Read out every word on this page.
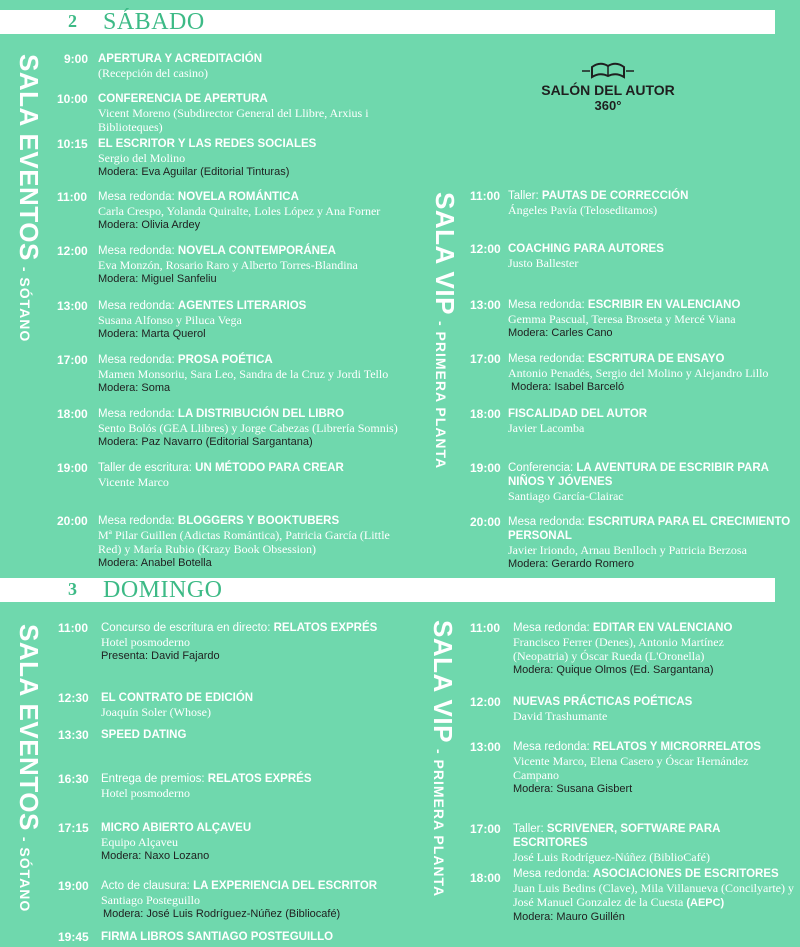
2 SÁBADO
SALA EVENTOS- SÓTANO	SALA VIP- PRIMERA PLANTA
SALÓN DEL AUTOR
360°
9:00 APERTURA Y ACREDITACIÓN
(Recepción del casino)
10:00 CONFERENCIA DE APERTURA
Vicent Moreno (Subdirector General del Llibre, Arxius i Biblioteques)
10:15 EL ESCRITOR Y LAS REDES SOCIALES
Sergio del Molino
Modera: Eva Aguilar (Editorial Tinturas)
11:00 Mesa redonda: NOVELA ROMÁNTICA
Carla Crespo, Yolanda Quiralte, Loles López y Ana Forner
Modera: Olivia Ardey
12:00 Mesa redonda: NOVELA CONTEMPORÁNEA
Eva Monzón, Rosario Raro y Alberto Torres-Blandina
Modera: Miguel Sanfeliu
13:00 Mesa redonda: AGENTES LITERARIOS
Susana Alfonso y Piluca Vega
Modera: Marta Querol
17:00 Mesa redonda: PROSA POÉTICA
Mamen Monsoriu, Sara Leo, Sandra de la Cruz y Jordi Tello
Modera: Soma
18:00 Mesa redonda: LA DISTRIBUCIÓN DEL LIBRO
Sento Bolós (GEA Llibres) y Jorge Cabezas (Librería Somnis)
Modera: Paz Navarro (Editorial Sargantana)
19:00 Taller de escritura: UN MÉTODO PARA CREAR
Vicente Marco
20:00 Mesa redonda: BLOGGERS Y BOOKTUBERS
Mª Pilar Guillen (Adictas Romántica), Patricia García (Little Red) y María Rubio (Krazy Book Obsession)
Modera: Anabel Botella
11:00 Taller: PAUTAS DE CORRECCIÓN
Ángeles Pavía (Teloseditamos)
12:00 COACHING PARA AUTORES
Justo Ballester
13:00 Mesa redonda: ESCRIBIR EN VALENCIANO
Gemma Pascual, Teresa Broseta y Mercé Viana
Modera: Carles Cano
17:00 Mesa redonda: ESCRITURA DE ENSAYO
Antonio Penadés, Sergio del Molino y Alejandro Lillo
Modera: Isabel Barceló
18:00 FISCALIDAD DEL AUTOR
Javier Lacomba
19:00 Conferencia: LA AVENTURA DE ESCRIBIR PARA NIÑOS Y JÓVENES
Santiago García-Clairac
20:00 Mesa redonda: ESCRITURA PARA EL CRECIMIENTO PERSONAL
Javier Iriondo, Arnau Benlloch y Patricia Berzosa
Modera: Gerardo Romero
3 DOMINGO
SALA EVENTOS- SÓTANO
SALA VIP- PRIMERA PLANTA
11:00 Concurso de escritura en directo: RELATOS EXPRÉS
Hotel posmoderno
Presenta: David Fajardo
12:30 EL CONTRATO DE EDICIÓN
Joaquín Soler (Whose)
13:30 SPEED DATING
16:30 Entrega de premios: RELATOS EXPRÉS
Hotel posmoderno
17:15 MICRO ABIERTO ALÇAVEU
Equipo Alçaveu
Modera: Naxo Lozano
19:00 Acto de clausura: LA EXPERIENCIA DEL ESCRITOR
Santiago Posteguillo
Modera: José Luis Rodríguez-Núñez (Bibliocafé)
19:45 FIRMA LIBROS SANTIAGO POSTEGUILLO
11:00 Mesa redonda: EDITAR EN VALENCIANO
Francisco Ferrer (Denes), Antonio Martínez (Neopatria) y Óscar Rueda (L'Oronella)
Modera: Quique Olmos (Ed. Sargantana)
12:00 NUEVAS PRÁCTICAS POÉTICAS
David Trashumante
13:00 Mesa redonda: RELATOS Y MICRORRELATOS
Vicente Marco, Elena Casero y Óscar Hernández Campano
Modera: Susana Gisbert
17:00 Taller: SCRIVENER, SOFTWARE PARA ESCRITORES
José Luis Rodríguez-Núñez (BiblioCafé)
18:00 Mesa redonda: ASOCIACIONES DE ESCRITORES
Juan Luis Bedins (Clave), Mila Villanueva (Concilyarte) y José Manuel Gonzalez de la Cuesta (AEPC)
Modera: Mauro Guillén
